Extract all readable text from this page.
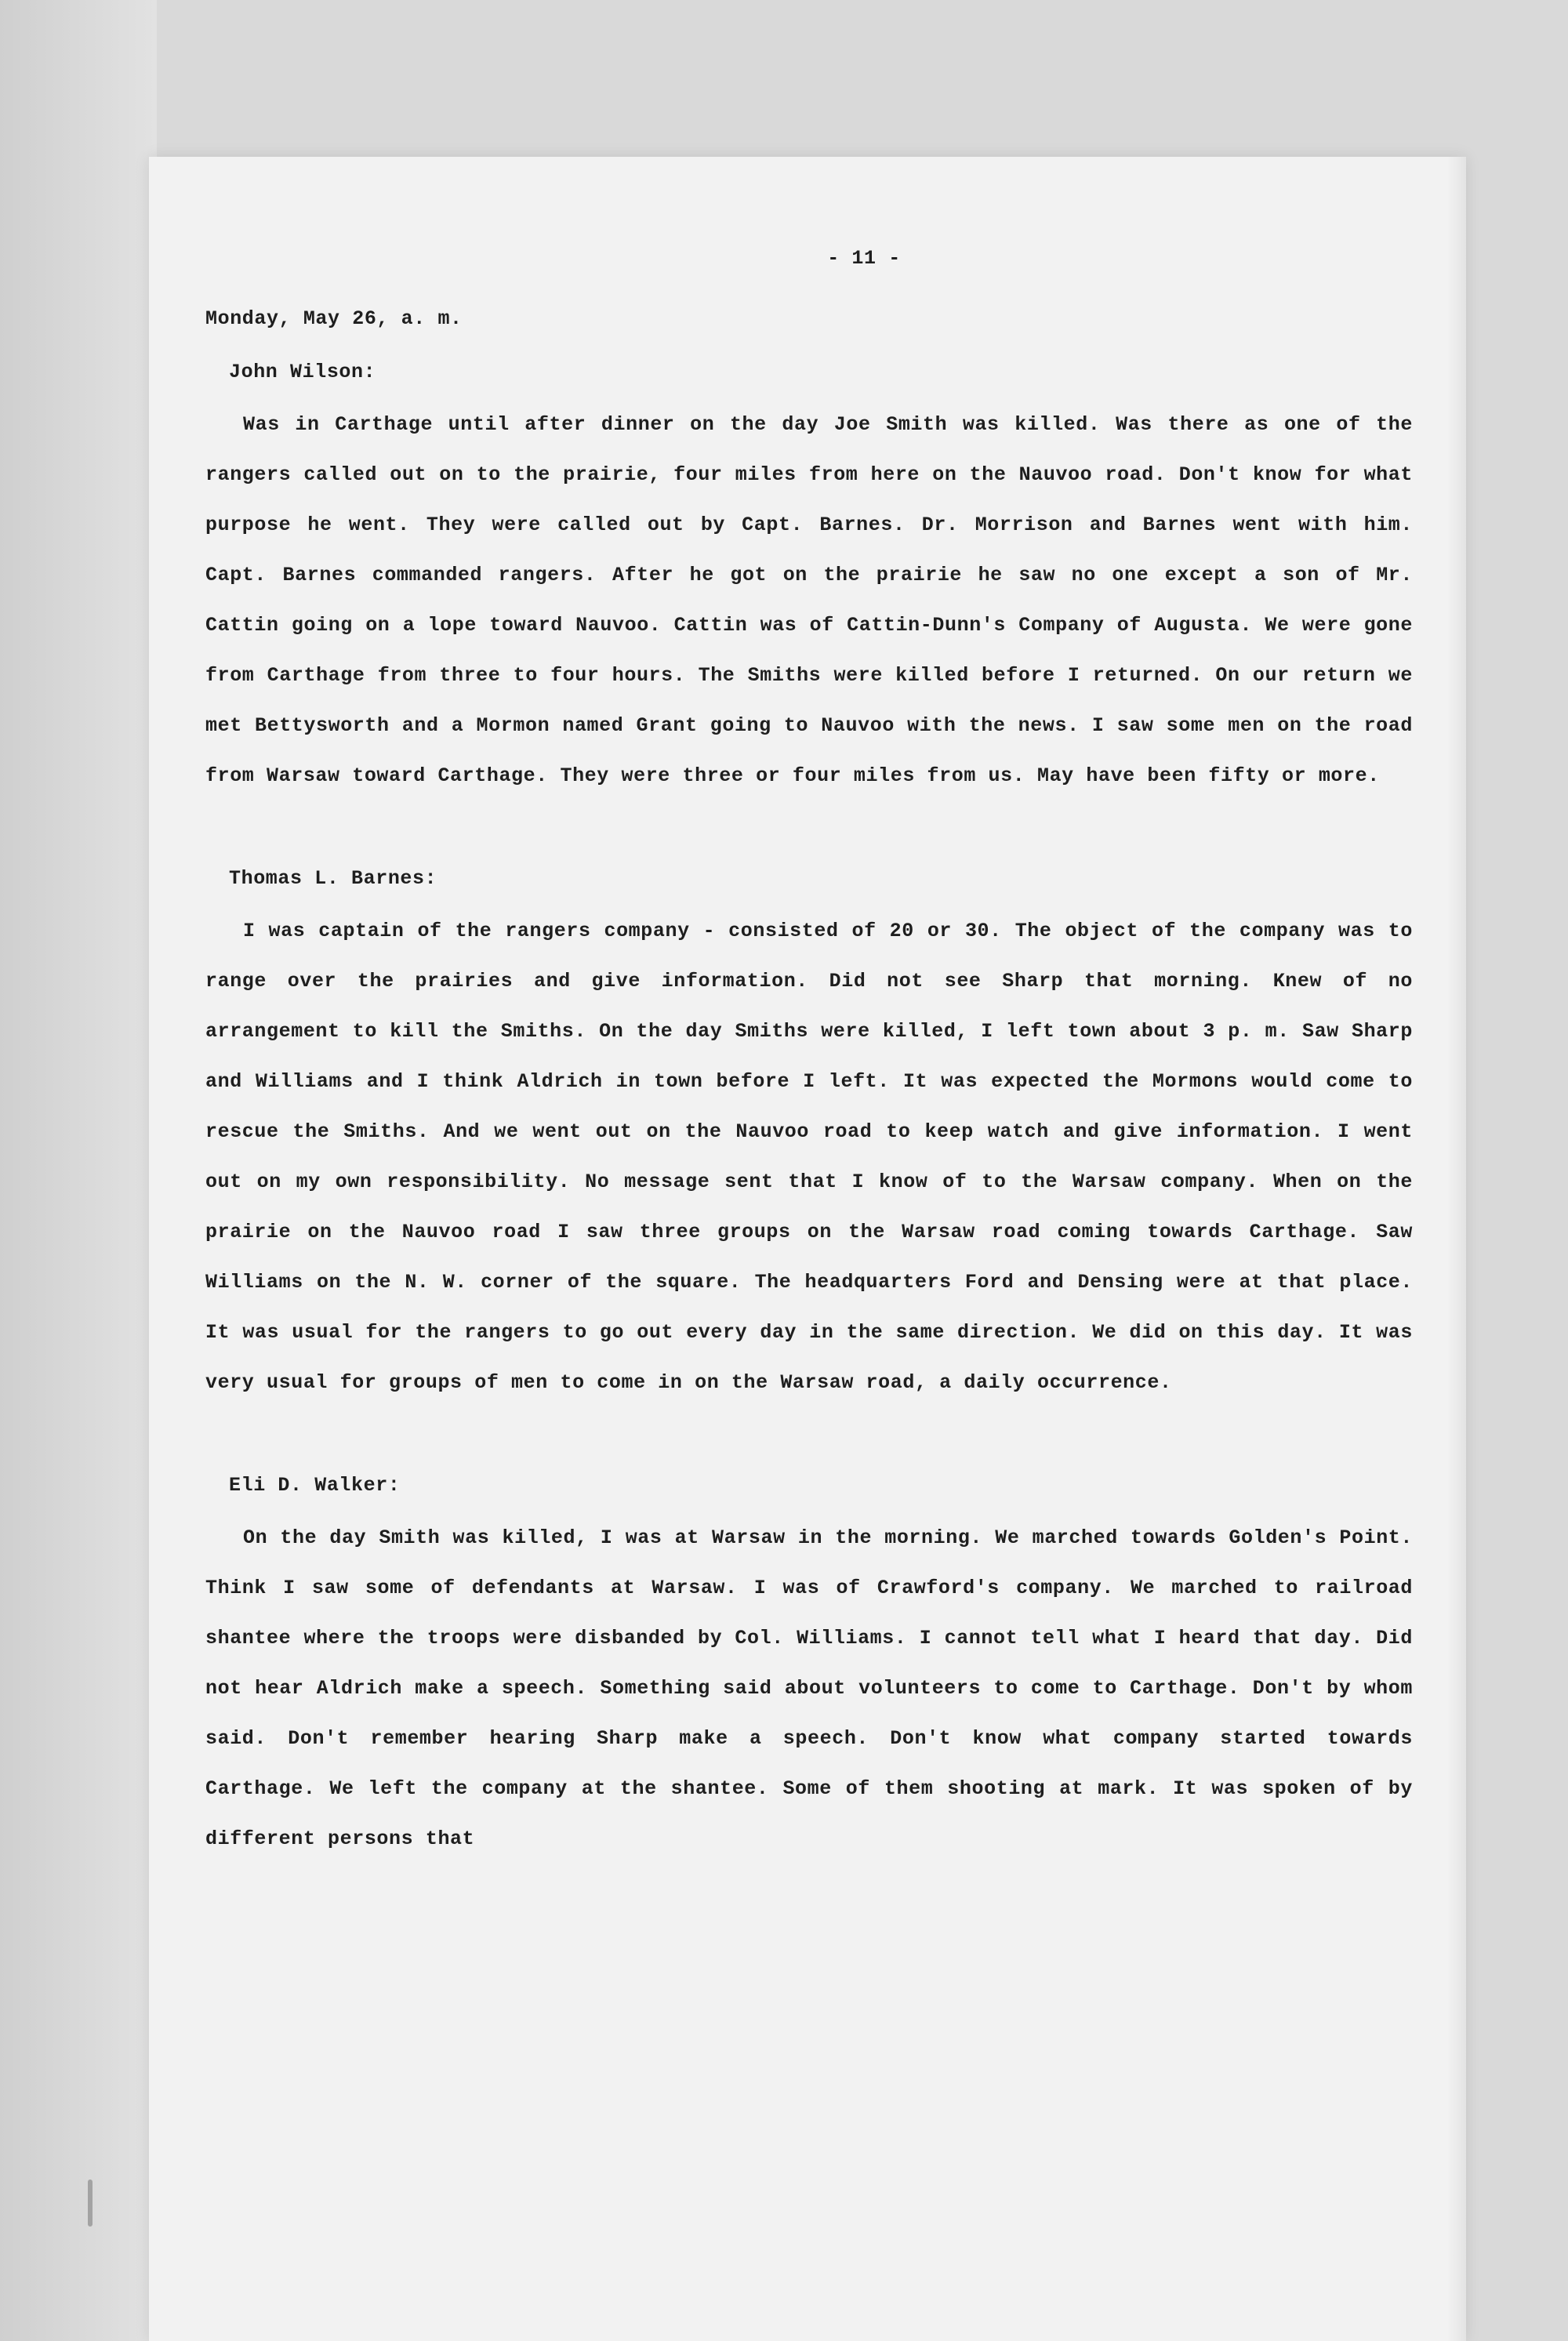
- 11 -
Monday, May 26, a. m.
John Wilson:

Was in Carthage until after dinner on the day Joe Smith was killed. Was there as one of the rangers called out on to the prairie, four miles from here on the Nauvoo road. Don't know for what purpose he went. They were called out by Capt. Barnes. Dr. Morrison and Barnes went with him. Capt. Barnes commanded rangers. After he got on the prairie he saw no one except a son of Mr. Cattin going on a lope toward Nauvoo. Cattin was of Cattin-Dunn's Company of Augusta. We were gone from Carthage from three to four hours. The Smiths were killed before I returned. On our return we met Bettysworth and a Mormon named Grant going to Nauvoo with the news. I saw some men on the road from Warsaw toward Carthage. They were three or four miles from us. May have been fifty or more.

Thomas L. Barnes:

I was captain of the rangers company - consisted of 20 or 30. The object of the company was to range over the prairies and give information. Did not see Sharp that morning. Knew of no arrangement to kill the Smiths. On the day Smiths were killed, I left town about 3 p. m. Saw Sharp and Williams and I think Aldrich in town before I left. It was expected the Mormons would come to rescue the Smiths. And we went out on the Nauvoo road to keep watch and give information. I went out on my own responsibility. No message sent that I know of to the Warsaw company. When on the prairie on the Nauvoo road I saw three groups on the Warsaw road coming towards Carthage. Saw Williams on the N. W. corner of the square. The headquarters Ford and Densing were at that place. It was usual for the rangers to go out every day in the same direction. We did on this day. It was very usual for groups of men to come in on the Warsaw road, a daily occurrence.

Eli D. Walker:

On the day Smith was killed, I was at Warsaw in the morning. We marched towards Golden's Point. Think I saw some of defendants at Warsaw. I was of Crawford's company. We marched to railroad shantee where the troops were disbanded by Col. Williams. I cannot tell what I heard that day. Did not hear Aldrich make a speech. Something said about volunteers to come to Carthage. Don't by whom said. Don't remember hearing Sharp make a speech. Don't know what company started towards Carthage. We left the company at the shantee. Some of them shooting at mark. It was spoken of by different persons that
